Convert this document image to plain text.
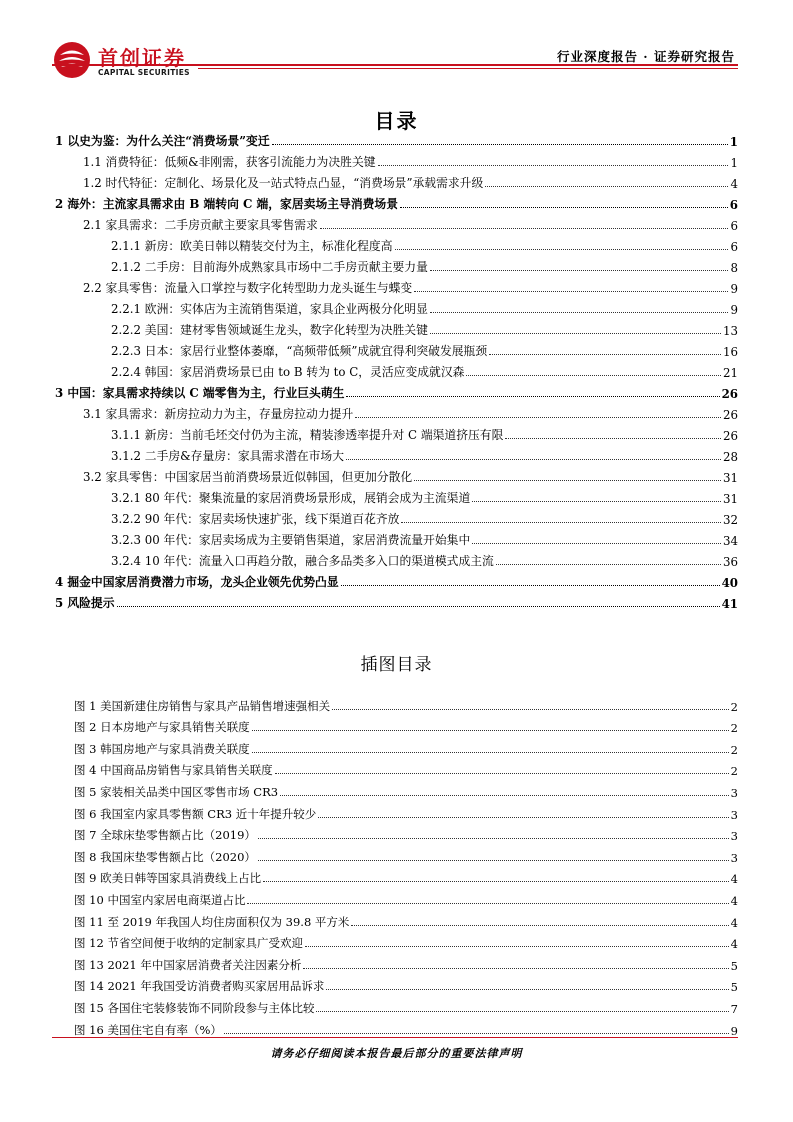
首创证券
CAPITAL SECURITIES
行业深度报告 · 证券研究报告
目录
1 以史为鉴：为什么关注“消费场景”变迁	1
1.1 消费特征：低频&非刚需，获客引流能力为决胜关键	1
1.2 时代特征：定制化、场景化及一站式特点凸显，“消费场景”承载需求升级	4
2 海外：主流家具需求由 B 端转向 C 端，家居卖场主导消费场景	6
2.1 家具需求：二手房贡献主要家具零售需求	6
2.1.1 新房：欧美日韩以精装交付为主，标准化程度高	6
2.1.2 二手房：目前海外成熟家具市场中二手房贡献主要力量	8
2.2 家具零售：流量入口掌控与数字化转型助力龙头诞生与蝶变	9
2.2.1 欧洲：实体店为主流销售渠道，家具企业两极分化明显	9
2.2.2 美国：建材零售领域诞生龙头，数字化转型为决胜关键	13
2.2.3 日本：家居行业整体萎靡，“高频带低频”成就宜得利突破发展瓶颈	16
2.2.4 韩国：家居消费场景已由 to B 转为 to C，灵活应变成就汉森	21
3 中国：家具需求持续以 C 端零售为主，行业巨头萌生	26
3.1 家具需求：新房拉动力为主，存量房拉动力提升	26
3.1.1 新房：当前毛坯交付仍为主流，精装渗透率提升对 C 端渠道挤压有限	26
3.1.2 二手房&存量房：家具需求潜在市场大	28
3.2 家具零售：中国家居当前消费场景近似韩国，但更加分散化	31
3.2.1 80 年代：聚集流量的家居消费场景形成，展销会成为主流渠道	31
3.2.2 90 年代：家居卖场快速扩张，线下渠道百花齐放	32
3.2.3 00 年代：家居卖场成为主要销售渠道，家居消费流量开始集中	34
3.2.4 10 年代：流量入口再趋分散，融合多品类多入口的渠道模式成主流	36
4 掘金中国家居消费潜力市场，龙头企业领先优势凸显	40
5 风险提示	41
插图目录
图 1 美国新建住房销售与家具产品销售增速强相关	2
图 2 日本房地产与家具销售关联度	2
图 3 韩国房地产与家具消费关联度	2
图 4 中国商品房销售与家具销售关联度	2
图 5 家装相关品类中国区零售市场 CR3	3
图 6 我国室内家具零售额 CR3 近十年提升较少	3
图 7 全球床垫零售额占比（2019）	3
图 8 我国床垫零售额占比（2020）	3
图 9 欧美日韩等国家具消费线上占比	4
图 10 中国室内家居电商渠道占比	4
图 11 至 2019 年我国人均住房面积仅为 39.8 平方米	4
图 12 节省空间便于收纳的定制家具广受欢迎	4
图 13 2021 年中国家居消费者关注因素分析	5
图 14 2021 年我国受访消费者购买家居用品诉求	5
图 15 各国住宅装修装饰不同阶段参与主体比较	7
图 16 美国住宅自有率（%）	9
请务必仔细阅读本报告最后部分的重要法律声明
